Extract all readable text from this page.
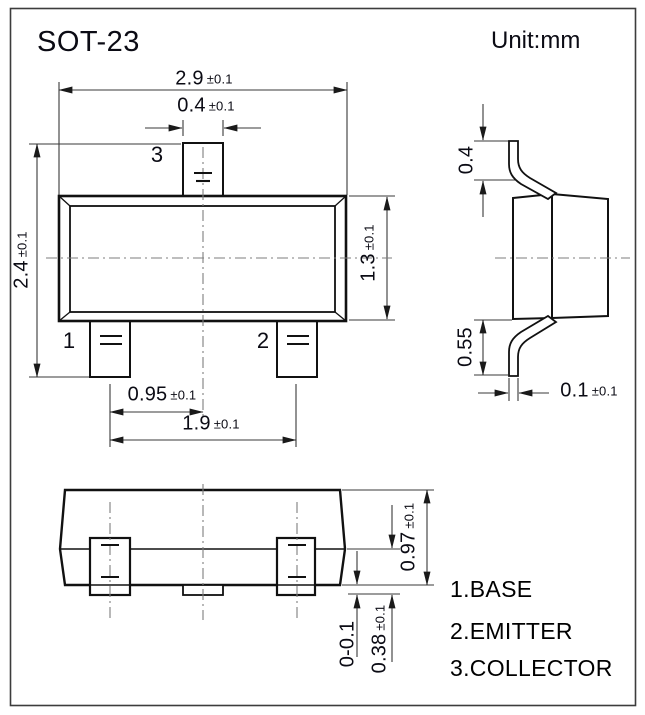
SOT-23	Unit:mm
2.9 ±0.1
0.4 ±0.1
2.4±0.1
1.3±0.1
0.95 ±0.1
1.9 ±0.1
3
1	2
0.4
0.55
0.1 ±0.1
0.97±0.1
0.38±0.1
0-0.1
1.BASE
2.EMITTER
3.COLLECTOR
